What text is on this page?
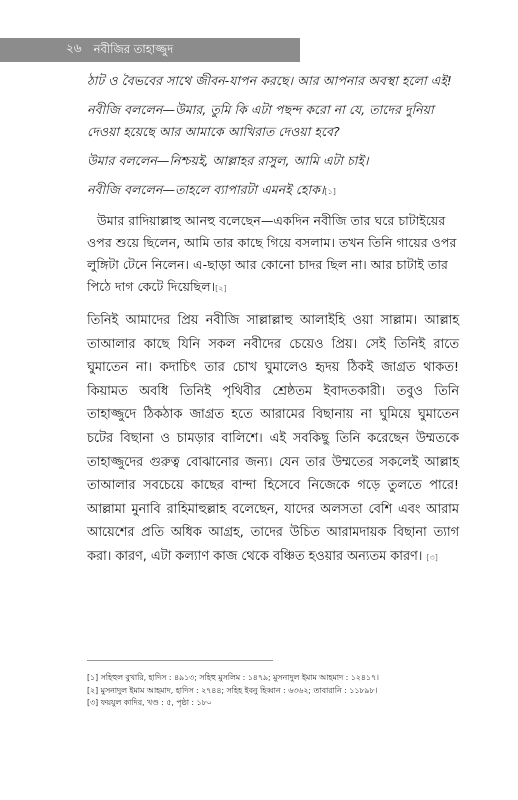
২৬ নবীজির তাহাজ্জুদ

ঠাট ও বৈভবের সাথে জীবন-যাপন করছে। আর আপনার অবস্থা হলো এই!

নবীজি বললেন—উমার, তুমি কি এটা পছন্দ করো না যে, তাদের দুনিয়া দেওয়া হয়েছে আর আমাকে আখিরাত দেওয়া হবে?

উমার বললেন—নিশ্চয়ই, আল্লাহর রাসুল, আমি এটা চাই।

নবীজি বললেন—তাহলে ব্যাপারটা এমনই হোক।[১]

উমার রাদিয়াল্লাহু আনহু বলেছেন—একদিন নবীজি তার ঘরে চাটাইয়ের ওপর শুয়ে ছিলেন, আমি তার কাছে গিয়ে বসলাম। তখন তিনি গায়ের ওপর লুঙ্গিটা টেনে নিলেন। এ-ছাড়া আর কোনো চাদর ছিল না। আর চাটাই তার পিঠে দাগ কেটে দিয়েছিল।[২]

তিনিই আমাদের প্রিয় নবীজি সাল্লাল্লাহু আলাইহি ওয়া সাল্লাম। আল্লাহ তাআলার কাছে যিনি সকল নবীদের চেয়েও প্রিয়। সেই তিনিই রাতে ঘুমাতেন না। কদাচিৎ তার চোখ ঘুমালেও হৃদয় ঠিকই জাগ্রত থাকত! কিয়ামত অবধি তিনিই পৃথিবীর শ্রেষ্ঠতম ইবাদতকারী। তবুও তিনি তাহাজ্জুদে ঠিকঠাক জাগ্রত হতে আরামের বিছানায় না ঘুমিয়ে ঘুমাতেন চটের বিছানা ও চামড়ার বালিশে। এই সবকিছু তিনি করেছেন উম্মতকে তাহাজ্জুদের গুরুত্ব বোঝানোর জন্য। যেন তার উম্মতের সকলেই আল্লাহ তাআলার সবচেয়ে কাছের বান্দা হিসেবে নিজেকে গড়ে তুলতে পারে! আল্লামা মুনাবি রাহিমাহুল্লাহ বলেছেন, যাদের অলসতা বেশি এবং আরাম আয়েশের প্রতি অধিক আগ্রহ, তাদের উচিত আরামদায়ক বিছানা ত্যাগ করা। কারণ, এটা কল্যাণ কাজ থেকে বঞ্চিত হওয়ার অন্যতম কারণ। [৩]

[১] সহিহুল বুখারি, হাদিস : ৪৯১৩; সহিহু মুসলিম : ১৪৭৯; মুসনাদুল ইমাম আহমাদ : ১২৪১৭।
[২] মুসনাদুল ইমাম আহমাদ, হাদিস : ২৭৪৪; সহিহ ইবনু হিব্বান : ৬৩৬২; তাবারানি : ১১৮৯৮।
[৩] ফয়যুল কাদির, খণ্ড : ৫, পৃষ্ঠা : ১৮০
